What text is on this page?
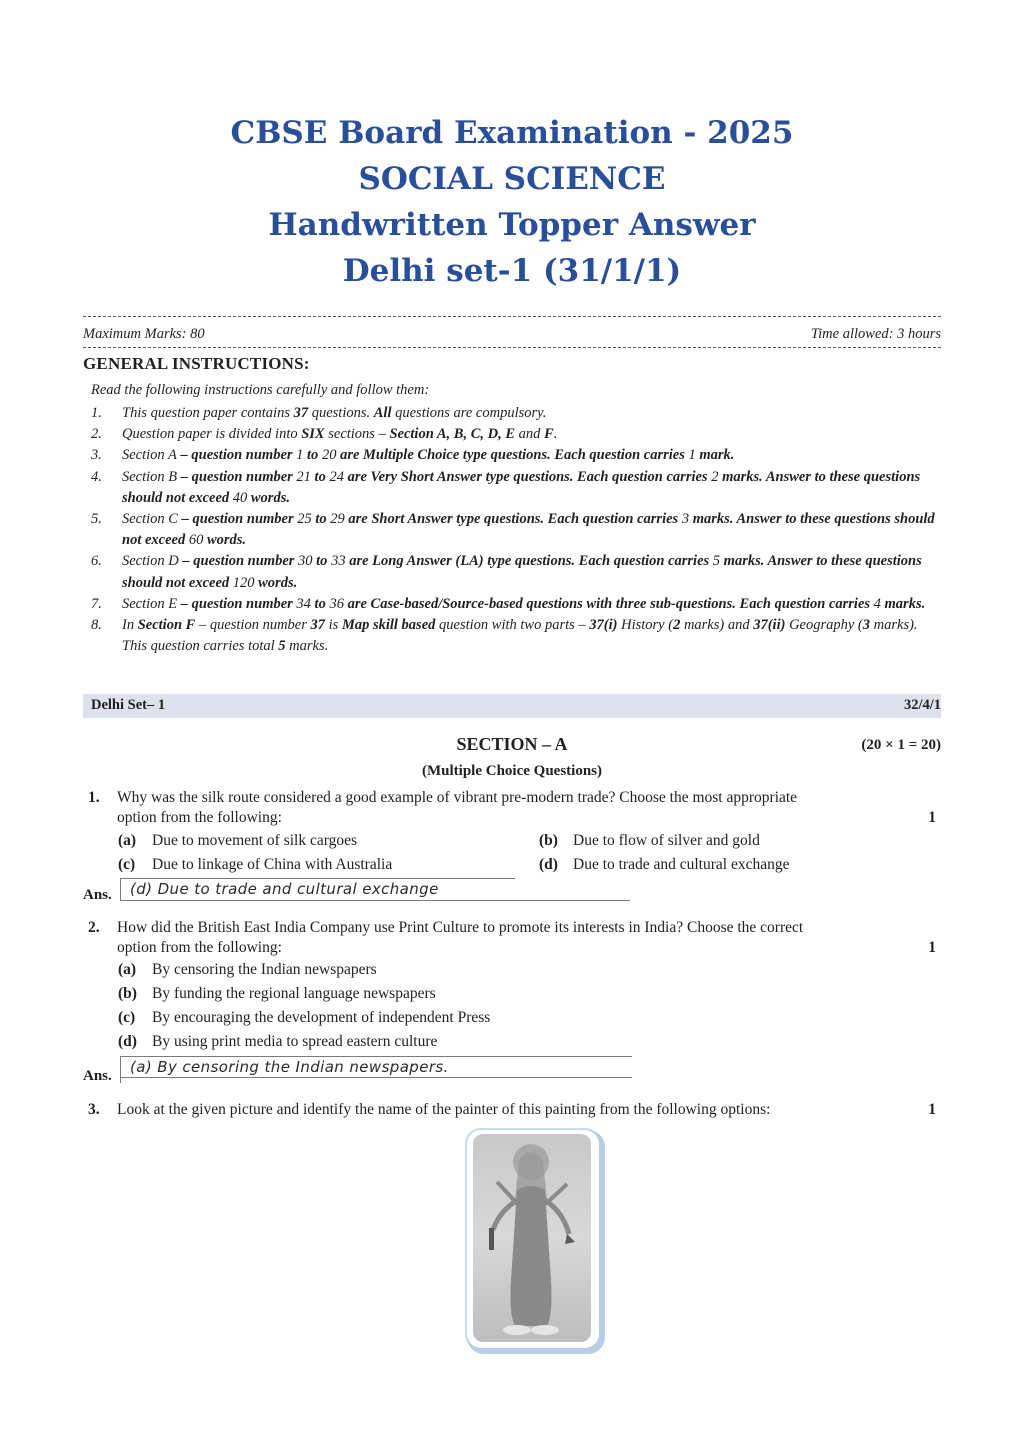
CBSE Board Examination - 2025
SOCIAL SCIENCE
Handwritten Topper Answer
Delhi set-1 (31/1/1)
Maximum Marks: 80	Time allowed: 3 hours
GENERAL INSTRUCTIONS:
Read the following instructions carefully and follow them:
1. This question paper contains 37 questions. All questions are compulsory.
2. Question paper is divided into SIX sections – Section A, B, C, D, E and F.
3. Section A – question number 1 to 20 are Multiple Choice type questions. Each question carries 1 mark.
4. Section B – question number 21 to 24 are Very Short Answer type questions. Each question carries 2 marks. Answer to these questions should not exceed 40 words.
5. Section C – question number 25 to 29 are Short Answer type questions. Each question carries 3 marks. Answer to these questions should not exceed 60 words.
6. Section D – question number 30 to 33 are Long Answer (LA) type questions. Each question carries 5 marks. Answer to these questions should not exceed 120 words.
7. Section E – question number 34 to 36 are Case-based/Source-based questions with three sub-questions. Each question carries 4 marks.
8. In Section F – question number 37 is Map skill based question with two parts – 37(i) History (2 marks) and 37(ii) Geography (3 marks). This question carries total 5 marks.
Delhi Set– 1	32/4/1
SECTION – A	(20 × 1 = 20)
(Multiple Choice Questions)
1. Why was the silk route considered a good example of vibrant pre-modern trade? Choose the most appropriate
option from the following:	1
(a) Due to movement of silk cargoes	(b) Due to flow of silver and gold
(c) Due to linkage of China with Australia	(d) Due to trade and cultural exchange
Ans. (d) Due to trade and cultural exchange
2. How did the British East India Company use Print Culture to promote its interests in India? Choose the correct
option from the following:	1
(a) By censoring the Indian newspapers
(b) By funding the regional language newspapers
(c) By encouraging the development of independent Press
(d) By using print media to spread eastern culture
Ans. (a) By censoring the Indian newspapers.
3. Look at the given picture and identify the name of the painter of this painting from the following options:	1
